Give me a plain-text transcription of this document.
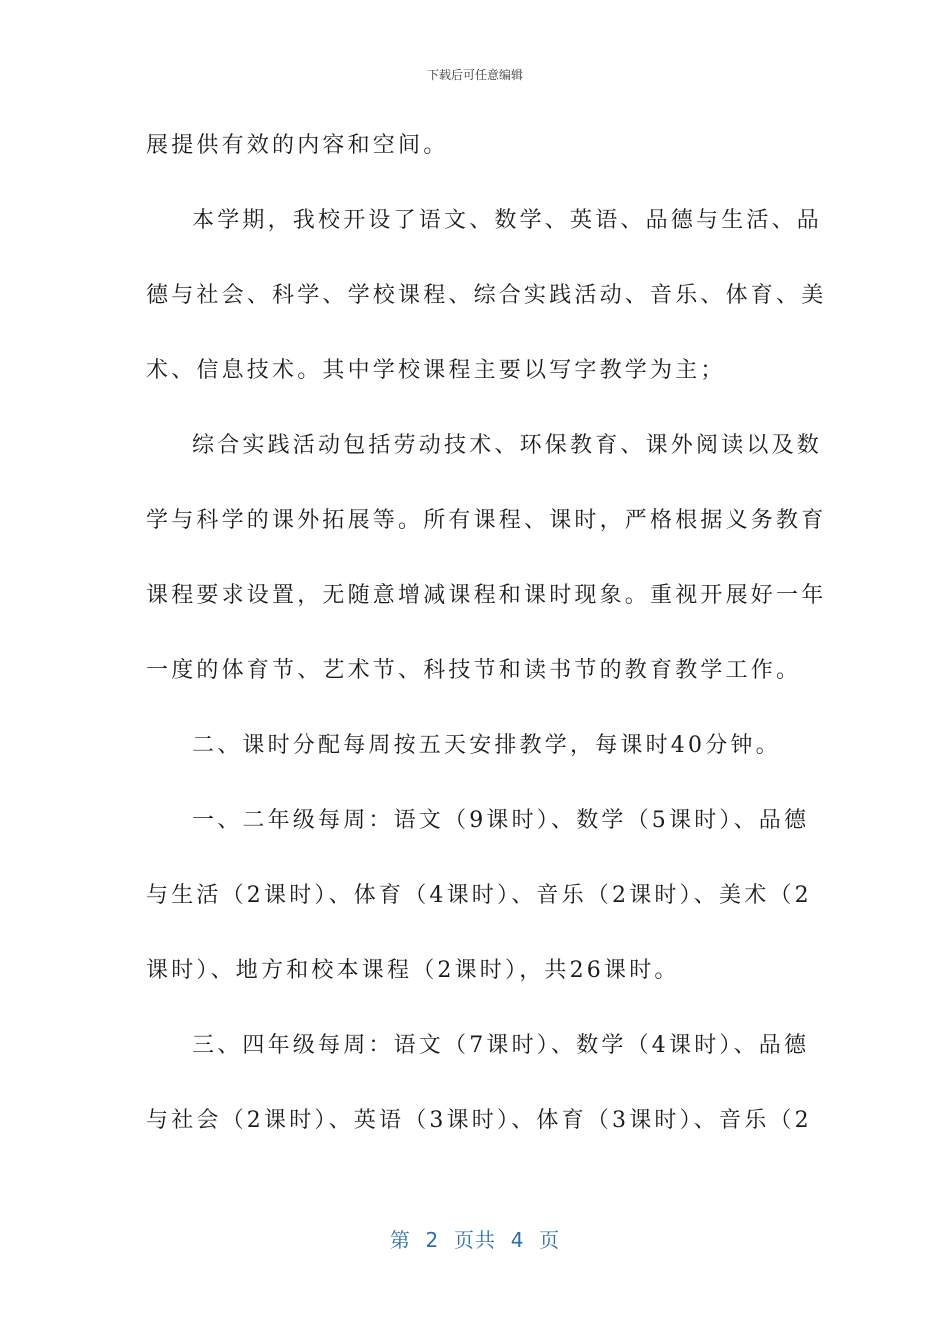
下载后可任意编辑
展提供有效的内容和空间。
本学期，我校开设了语文、数学、英语、品德与生活、品
德与社会、科学、学校课程、综合实践活动、音乐、体育、美
术、信息技术。其中学校课程主要以写字教学为主；
综合实践活动包括劳动技术、环保教育、课外阅读以及数
学与科学的课外拓展等。所有课程、课时，严格根据义务教育
课程要求设置，无随意增减课程和课时现象。重视开展好一年
一度的体育节、艺术节、科技节和读书节的教育教学工作。
二、课时分配每周按五天安排教学，每课时40分钟。
一、二年级每周：语文（9课时）、数学（5课时）、品德
与生活（2课时）、体育（4课时）、音乐（2课时）、美术（2
课时）、地方和校本课程（2课时），共26课时。
三、四年级每周：语文（7课时）、数学（4课时）、品德
与社会（2课时）、英语（3课时）、体育（3课时）、音乐（2
第  2  页共  4  页
